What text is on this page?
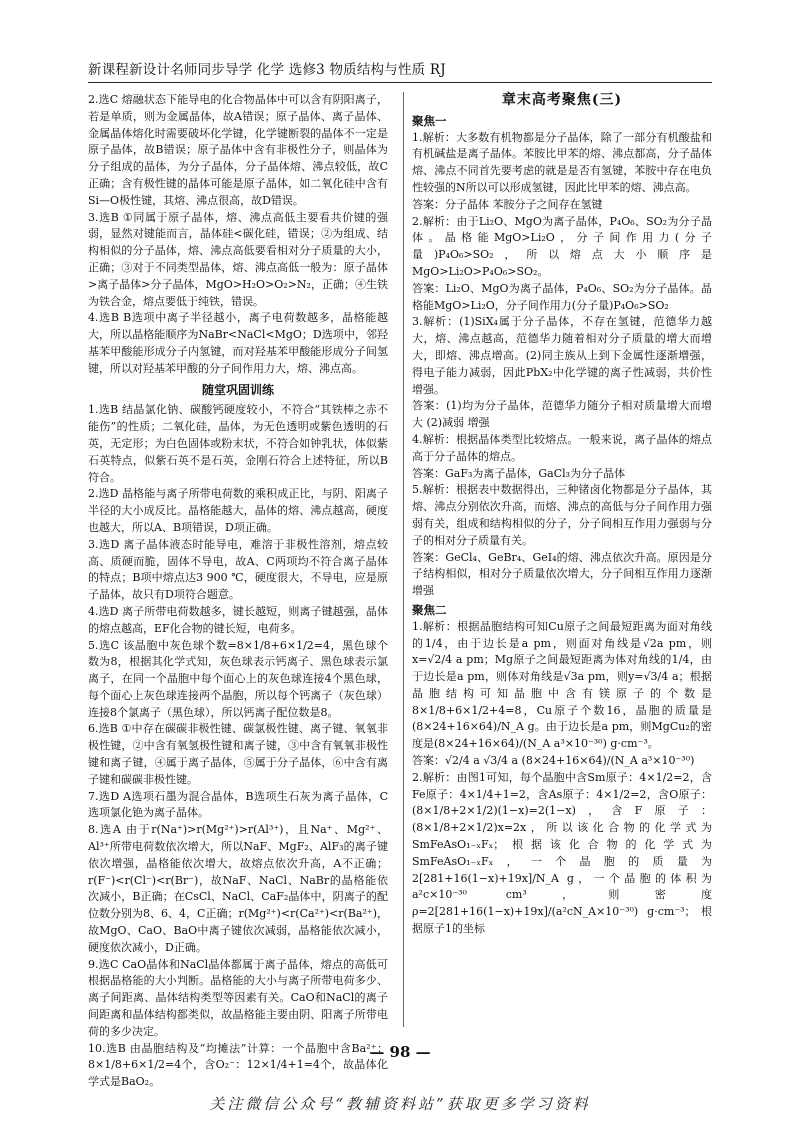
新课程新设计名师同步导学 化学 选修3 物质结构与性质 RJ

2.选C 熔融状态下能导电的化合物晶体中可以含有阴阳离子，若是单质，则为金属晶体，故A错误；原子晶体、离子晶体、金属晶体熔化时需要破坏化学键，化学键断裂的晶体不一定是原子晶体，故B错误；原子晶体中含有非极性分子，则晶体为分子组成的晶体，为分子晶体，分子晶体熔、沸点较低，故C正确；含有极性键的晶体可能是原子晶体，如二氧化硅中含有Si—O极性键，其熔、沸点很高，故D错误。

3.选B ①同属于原子晶体，熔、沸点高低主要看共价键的强弱，显然对键能而言，晶体硅<碳化硅，错误；②为组成、结构相似的分子晶体，熔、沸点高低要看相对分子质量的大小，正确；③对于不同类型晶体，熔、沸点高低一般为：原子晶体>离子晶体>分子晶体，MgO>H₂O>O₂>N₂，正确；④生铁为铁合金，熔点要低于纯铁，错误。

4.选B B选项中离子半径越小，离子电荷数越多，晶格能越大，所以晶格能顺序为NaBr<NaCl<MgO；D选项中，邻羟基苯甲酸能形成分子内氢键，而对羟基苯甲酸能形成分子间氢键，所以对羟基苯甲酸的分子间作用力大，熔、沸点高。

随堂巩固训练

1.选B 结晶氯化钠、碳酸钙硬度较小，不符合“其铁棒之赤不能伤”的性质；二氧化硅，晶体，为无色透明或紫色透明的石英，无定形；为白色固体或粉末状，不符合如钟乳状，体似紫石英特点，似紫石英不是石英，金刚石符合上述特征，所以B符合。

2.选D 晶格能与离子所带电荷数的乘积成正比，与阴、阳离子半径的大小成反比。晶格能越大，晶体的熔、沸点越高，硬度也越大，所以A、B项错误，D项正确。

3.选D 离子晶体液态时能导电，难溶于非极性溶剂，熔点较高、质硬而脆，固体不导电，故A、C两项均不符合离子晶体的特点；B项中熔点达3 900 ℃，硬度很大，不导电，应是原子晶体，故只有D项符合题意。

4.选D 离子所带电荷数越多，键长越短，则离子键越强，晶体的熔点越高，EF化合物的键长短，电荷多。

5.选C 该晶胞中灰色球个数=8×1/8+6×1/2=4，黑色球个数为8，根据其化学式知，灰色球表示钙离子、黑色球表示氯离子，在同一个晶胞中每个面心上的灰色球连接4个黑色球，每个面心上灰色球连接两个晶胞，所以每个钙离子（灰色球）连接8个氯离子（黑色球），所以钙离子配位数是8。

6.选B ①中存在碳碳非极性键、碳氯极性键、离子键、氧氧非极性键，②中含有氧氢极性键和离子键，③中含有氧氧非极性键和离子键，④属于离子晶体，⑤属于分子晶体，⑥中含有离子键和碳碳非极性键。

7.选D A选项石墨为混合晶体，B选项生石灰为离子晶体，C选项氯化铯为离子晶体。

8.选A 由于r(Na⁺)>r(Mg²⁺)>r(Al³⁺)，且Na⁺、Mg²⁺、Al³⁺所带电荷数依次增大，所以NaF、MgF₂、AlF₃的离子键依次增强，晶格能依次增大，故熔点依次升高，A不正确；r(F⁻)<r(Cl⁻)<r(Br⁻)，故NaF、NaCl、NaBr的晶格能依次减小，B正确；在CsCl、NaCl、CaF₂晶体中，阴离子的配位数分别为8、6、4，C正确；r(Mg²⁺)<r(Ca²⁺)<r(Ba²⁺)，故MgO、CaO、BaO中离子键依次减弱，晶格能依次减小，硬度依次减小，D正确。

9.选C CaO晶体和NaCl晶体都属于离子晶体，熔点的高低可根据晶格能的大小判断。晶格能的大小与离子所带电荷多少、离子间距离、晶体结构类型等因素有关。CaO和NaCl的离子间距离和晶体结构都类似，故晶格能主要由阴、阳离子所带电荷的多少决定。

10.选B 由晶胞结构及“均摊法”计算：一个晶胞中含Ba²⁺：8×1/8+6×1/2=4个，含O₂⁻：12×1/4+1=4个，故晶体化学式是BaO₂。

章末高考聚焦(三)
聚焦一

1.解析：大多数有机物都是分子晶体，除了一部分有机酸盐和有机碱盐是离子晶体。苯胺比甲苯的熔、沸点都高，分子晶体熔、沸点不同首先要考虑的就是是否有氢键，苯胺中存在电负性较强的N所以可以形成氢键，因此比甲苯的熔、沸点高。

答案：分子晶体 苯胺分子之间存在氢键

2.解析：由于Li₂O、MgO为离子晶体，P₄O₆、SO₂为分子晶体。晶格能MgO>Li₂O，分子间作用力(分子量)P₄O₆>SO₂，所以熔点大小顺序是MgO>Li₂O>P₄O₆>SO₂。

答案：Li₂O、MgO为离子晶体，P₄O₆、SO₂为分子晶体。晶格能MgO>Li₂O，分子间作用力(分子量)P₄O₆>SO₂

3.解析：(1)SiX₄属于分子晶体，不存在氢键，范德华力越大，熔、沸点越高，范德华力随着相对分子质量的增大而增大，即熔、沸点增高。(2)同主族从上到下金属性逐渐增强，得电子能力减弱，因此PbX₂中化学键的离子性减弱，共价性增强。

答案：(1)均为分子晶体，范德华力随分子相对质量增大而增大 (2)减弱 增强

4.解析：根据晶体类型比较熔点。一般来说，离子晶体的熔点高于分子晶体的熔点。

答案：GaF₃为离子晶体，GaCl₃为分子晶体

5.解析：根据表中数据得出，三种锗卤化物都是分子晶体，其熔、沸点分别依次升高，而熔、沸点的高低与分子间作用力强弱有关，组成和结构相似的分子，分子间相互作用力强弱与分子的相对分子质量有关。

答案：GeCl₄、GeBr₄、GeI₄的熔、沸点依次升高。原因是分子结构相似，相对分子质量依次增大，分子间相互作用力逐渐增强

聚焦二

1.解析：根据晶胞结构可知Cu原子之间最短距离为面对角线的1/4，由于边长是a pm，则面对角线是√2a pm，则x=√2/4 a pm；Mg原子之间最短距离为体对角线的1/4，由于边长是a pm，则体对角线是√3a pm，则y=√3/4 a；根据晶胞结构可知晶胞中含有镁原子的个数是8×1/8+6×1/2+4=8，Cu原子个数16，晶胞的质量是(8×24+16×64)/N_A g。由于边长是a pm，则MgCu₂的密度是(8×24+16×64)/(N_A a³×10⁻³⁰) g·cm⁻³。

答案：√2/4 a √3/4 a (8×24+16×64)/(N_A a³×10⁻³⁰)

2.解析：由图1可知，每个晶胞中含Sm原子：4×1/2=2，含Fe原子：4×1/4+1=2，含As原子：4×1/2=2，含O原子：(8×1/8+2×1/2)(1−x)=2(1−x)，含F原子：(8×1/8+2×1/2)x=2x，所以该化合物的化学式为SmFeAsO₁₋ₓFₓ；根据该化合物的化学式为SmFeAsO₁₋ₓFₓ，一个晶胞的质量为2[281+16(1−x)+19x]/N_A g，一个晶胞的体积为a²c×10⁻³⁰ cm³，则密度ρ=2[281+16(1−x)+19x]/(a²cN_A×10⁻³⁰) g·cm⁻³；根据原子1的坐标

— 98 —
关注微信公众号“教辅资料站”获取更多学习资料
